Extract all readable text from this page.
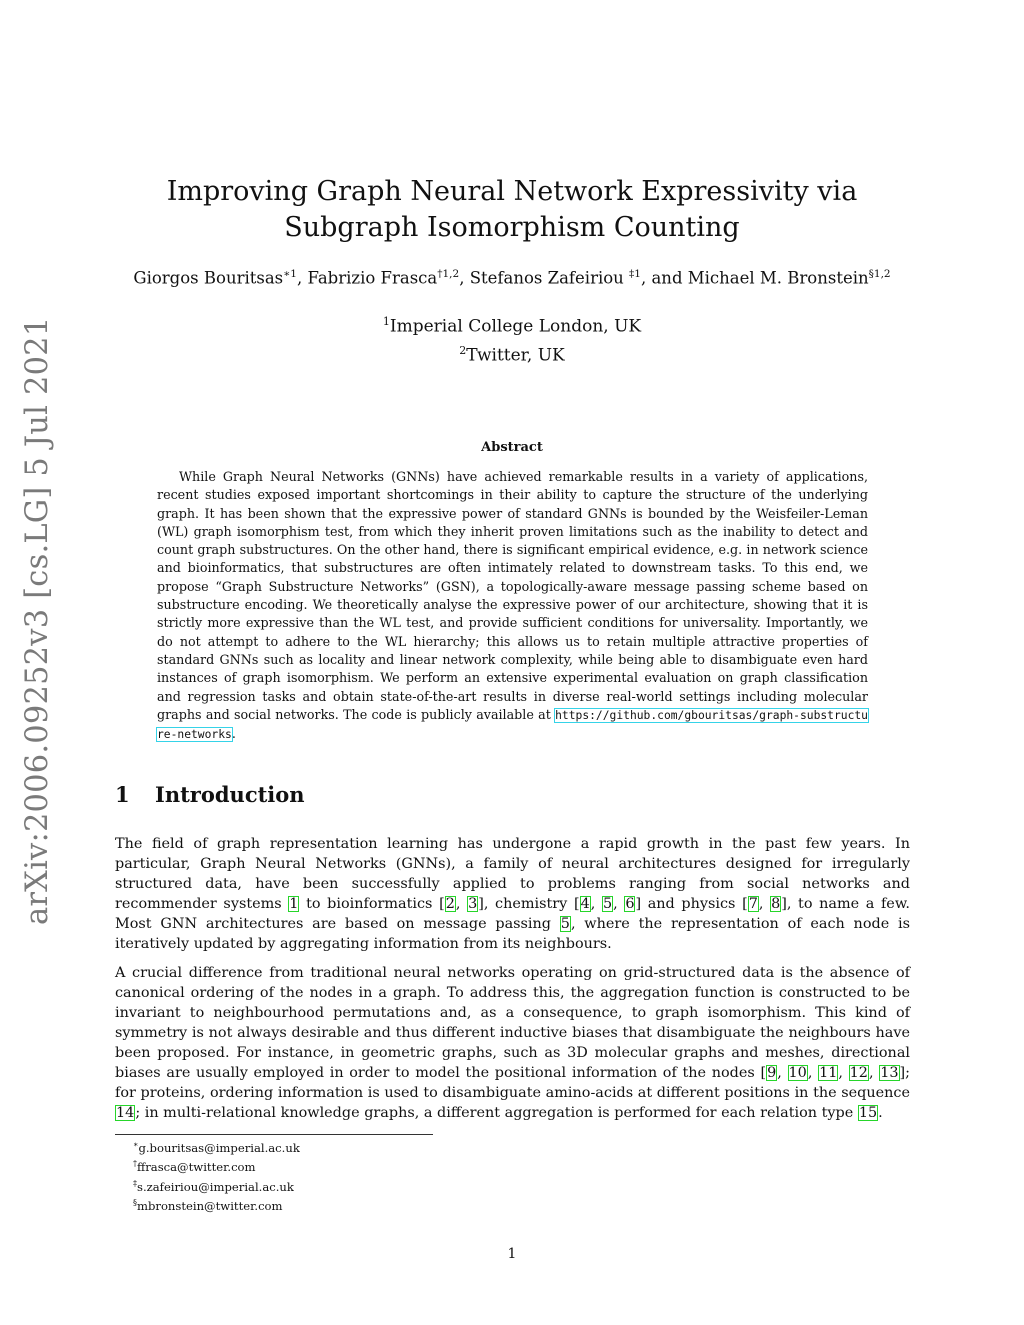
arXiv:2006.09252v3 [cs.LG] 5 Jul 2021
Improving Graph Neural Network Expressivity via Subgraph Isomorphism Counting
Giorgos Bouritsas$^{∗1}$, Fabrizio Frasca$^{\dagger 1,2}$, Stefanos Zafeiriou $^{\ddagger 1}$, and Michael M. Bronstein$^{\S 1,2}$
$^1$Imperial College London, UK
$^2$Twitter, UK
Abstract
While Graph Neural Networks (GNNs) have achieved remarkable results in a variety of applications, recent studies exposed important shortcomings in their ability to capture the structure of the underlying graph. It has been shown that the expressive power of standard GNNs is bounded by the Weisfeiler-Leman (WL) graph isomorphism test, from which they inherit proven limitations such as the inability to detect and count graph substructures. On the other hand, there is significant empirical evidence, e.g. in network science and bioinformatics, that substructures are often intimately related to downstream tasks. To this end, we propose “Graph Substructure Networks” (GSN), a topologically-aware message passing scheme based on substructure encoding. We theoretically analyse the expressive power of our architecture, showing that it is strictly more expressive than the WL test, and provide sufficient conditions for universality. Importantly, we do not attempt to adhere to the WL hierarchy; this allows us to retain multiple attractive properties of standard GNNs such as locality and linear network complexity, while being able to disambiguate even hard instances of graph isomorphism. We perform an extensive experimental evaluation on graph classification and regression tasks and obtain state-of-the-art results in diverse real-world settings including molecular graphs and social networks. The code is publicly available at https://github.com/gbouritsas/graph-substructure-networks.
1 Introduction
The field of graph representation learning has undergone a rapid growth in the past few years. In particular, Graph Neural Networks (GNNs), a family of neural architectures designed for irregularly structured data, have been successfully applied to problems ranging from social networks and recommender systems 1 to bioinformatics [2, 3], chemistry [4, 5, 6] and physics [7, 8], to name a few. Most GNN architectures are based on message passing 5, where the representation of each node is iteratively updated by aggregating information from its neighbours.
A crucial difference from traditional neural networks operating on grid-structured data is the absence of canonical ordering of the nodes in a graph. To address this, the aggregation function is constructed to be invariant to neighbourhood permutations and, as a consequence, to graph isomorphism. This kind of symmetry is not always desirable and thus different inductive biases that disambiguate the neighbours have been proposed. For instance, in geometric graphs, such as 3D molecular graphs and meshes, directional biases are usually employed in order to model the positional information of the nodes [9, 10, 11, 12, 13]; for proteins, ordering information is used to disambiguate amino-acids at different positions in the sequence 14; in multi-relational knowledge graphs, a different aggregation is performed for each relation type 15.
∗g.bouritsas@imperial.ac.uk
†ffrasca@twitter.com
‡s.zafeiriou@imperial.ac.uk
§mbronstein@twitter.com
1
